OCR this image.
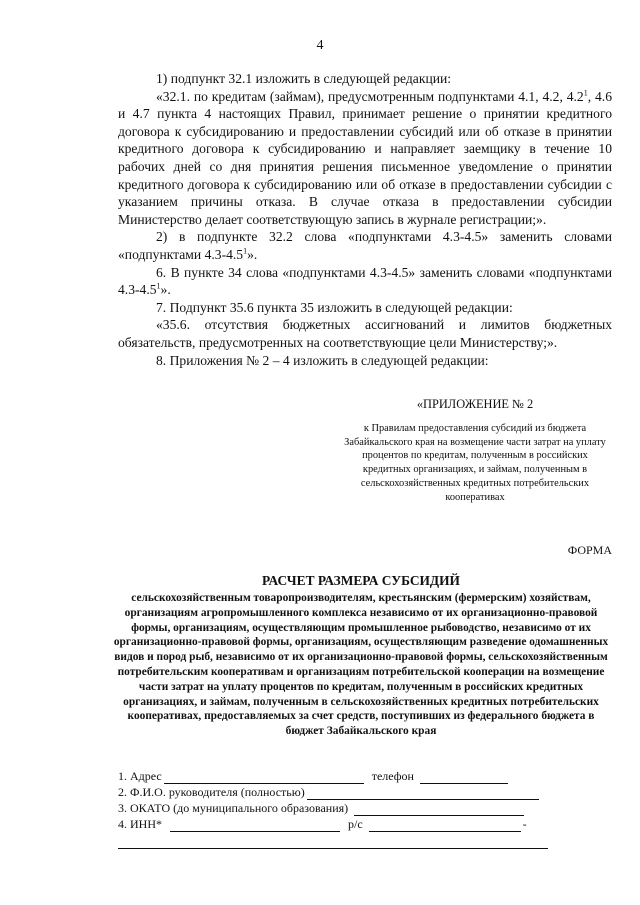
4

1) подпункт 32.1 изложить в следующей редакции:

«32.1. по кредитам (займам), предусмотренным подпунктами 4.1, 4.2, $4.2^1$, 4.6 и 4.7 пункта 4 настоящих Правил, принимает решение о принятии кредитного договора к субсидированию и предоставлении субсидий или об отказе в принятии кредитного договора к субсидированию и направляет заемщику в течение 10 рабочих дней со дня принятия решения письменное уведомление о принятии кредитного договора к субсидированию или об отказе в предоставлении субсидии с указанием причины отказа. В случае отказа в предоставлении субсидии Министерство делает соответствующую запись в журнале регистрации;».

2) в подпункте 32.2 слова «подпунктами 4.3-4.5» заменить словами «подпунктами $4.3-4.5^1$».

6. В пункте 34 слова «подпунктами 4.3-4.5» заменить словами «подпунктами $4.3-4.5^1$».

7. Подпункт 35.6 пункта 35 изложить в следующей редакции:

«35.6. отсутствия бюджетных ассигнований и лимитов бюджетных обязательств, предусмотренных на соответствующие цели Министерству;».

8. Приложения № 2 – 4 изложить в следующей редакции:

«ПРИЛОЖЕНИЕ № 2
к Правилам предоставления субсидий из бюджета Забайкальского края на возмещение части затрат на уплату процентов по кредитам, полученным в российских кредитных организациях, и займам, полученным в сельскохозяйственных кредитных потребительских кооперативах
ФОРМА
РАСЧЕТ РАЗМЕРА СУБСИДИЙ
сельскохозяйственным товаропроизводителям, крестьянским (фермерским) хозяйствам, организациям агропромышленного комплекса независимо от их организационно-правовой формы, организациям, осуществляющим промышленное рыбоводство, независимо от их организационно-правовой формы, организациям, осуществляющим разведение одомашненных видов и пород рыб, независимо от их организационно-правовой формы, сельскохозяйственным потребительским кооперативам и организациям потребительской кооперации на возмещение части затрат на уплату процентов по кредитам, полученным в российских кредитных организациях, и займам, полученным в сельскохозяйственных кредитных потребительских кооперативах, предоставляемых за счет средств, поступивших из федерального бюджета в бюджет Забайкальского края
1. Адрес	телефон
2. Ф.И.О. руководителя (полностью)
3. ОКАТО (до муниципального образования)
4. ИНН*	р/с	-
